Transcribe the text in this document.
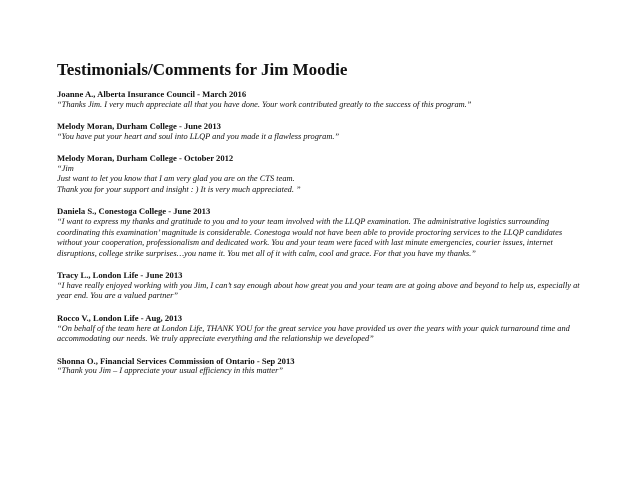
Testimonials/Comments for Jim Moodie
Joanne A., Alberta Insurance Council - March 2016

“Thanks Jim. I very much appreciate all that you have done. Your work contributed greatly to the success of this program.”

Melody Moran, Durham College - June 2013

“You have put your heart and soul into LLQP and you made it a flawless program.”

Melody Moran, Durham College - October 2012

“Jim

Just want to let you know that I am very glad you are on the CTS team.

Thank you for your support and insight : ) It is very much appreciated. ”

Daniela S., Conestoga College - June 2013

“I want to express my thanks and gratitude to you and to your team involved with the LLQP examination. The administrative logistics surrounding coordinating this examination’ magnitude is considerable. Conestoga would not have been able to provide proctoring services to the LLQP candidates without your cooperation, professionalism and dedicated work. You and your team were faced with last minute emergencies, courier issues, internet disruptions, college strike surprises…you name it. You met all of it with calm, cool and grace. For that you have my thanks.”

Tracy L., London Life - June 2013

“I have really enjoyed working with you Jim, I can’t say enough about how great you and your team are at going above and beyond to help us, especially at year end. You are a valued partner”

Rocco V., London Life - Aug, 2013

“On behalf of the team here at London Life, THANK YOU for the great service you have provided us over the years with your quick turnaround time and accommodating our needs. We truly appreciate everything and the relationship we developed”

Shonna O., Financial Services Commission of Ontario - Sep 2013

“Thank you Jim – I appreciate your usual efficiency in this matter”
